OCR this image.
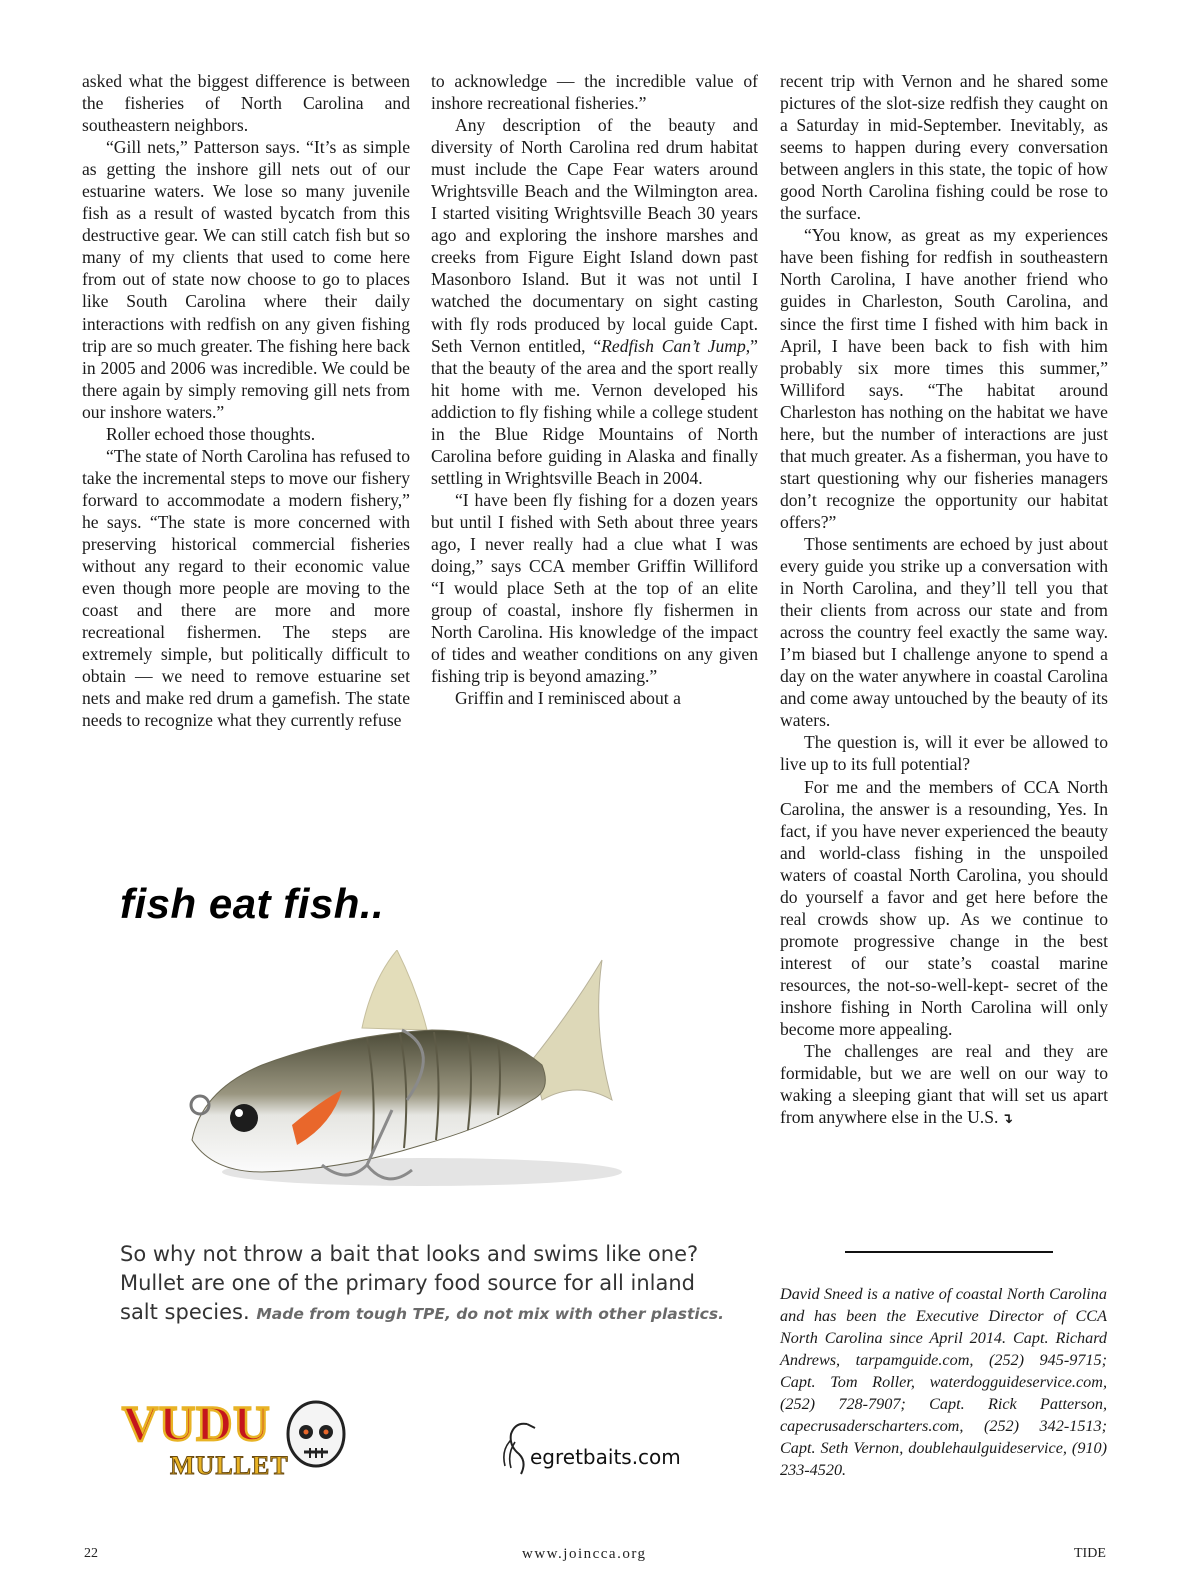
asked what the biggest difference is between the fisheries of North Carolina and southeastern neighbors.

“Gill nets,” Patterson says. “It’s as simple as getting the inshore gill nets out of our estuarine waters. We lose so many juvenile fish as a result of wasted bycatch from this destructive gear. We can still catch fish but so many of my clients that used to come here from out of state now choose to go to places like South Carolina where their daily interactions with redfish on any given fishing trip are so much greater. The fishing here back in 2005 and 2006 was incredible. We could be there again by simply removing gill nets from our inshore waters.”

Roller echoed those thoughts.

“The state of North Carolina has refused to take the incremental steps to move our fishery forward to accommodate a modern fishery,” he says. “The state is more concerned with preserving historical commercial fisheries without any regard to their economic value even though more people are moving to the coast and there are more and more recreational fishermen. The steps are extremely simple, but politically difficult to obtain — we need to remove estuarine set nets and make red drum a gamefish. The state needs to recognize what they currently refuse

to acknowledge — the incredible value of inshore recreational fisheries.”

Any description of the beauty and diversity of North Carolina red drum habitat must include the Cape Fear waters around Wrightsville Beach and the Wilmington area. I started visiting Wrightsville Beach 30 years ago and exploring the inshore marshes and creeks from Figure Eight Island down past Masonboro Island. But it was not until I watched the documentary on sight casting with fly rods produced by local guide Capt. Seth Vernon entitled, “Redfish Can’t Jump,” that the beauty of the area and the sport really hit home with me. Vernon developed his addiction to fly fishing while a college student in the Blue Ridge Mountains of North Carolina before guiding in Alaska and finally settling in Wrightsville Beach in 2004.

“I have been fly fishing for a dozen years but until I fished with Seth about three years ago, I never really had a clue what I was doing,” says CCA member Griffin Williford “I would place Seth at the top of an elite group of coastal, inshore fly fishermen in North Carolina. His knowledge of the impact of tides and weather conditions on any given fishing trip is beyond amazing.”

Griffin and I reminisced about a

recent trip with Vernon and he shared some pictures of the slot-size redfish they caught on a Saturday in mid-September. Inevitably, as seems to happen during every conversation between anglers in this state, the topic of how good North Carolina fishing could be rose to the surface.

“You know, as great as my experiences have been fishing for redfish in southeastern North Carolina, I have another friend who guides in Charleston, South Carolina, and since the first time I fished with him back in April, I have been back to fish with him probably six more times this summer,” Williford says. “The habitat around Charleston has nothing on the habitat we have here, but the number of interactions are just that much greater. As a fisherman, you have to start questioning why our fisheries managers don’t recognize the opportunity our habitat offers?”

Those sentiments are echoed by just about every guide you strike up a conversation with in North Carolina, and they’ll tell you that their clients from across our state and from across the country feel exactly the same way. I’m biased but I challenge anyone to spend a day on the water anywhere in coastal Carolina and come away untouched by the beauty of its waters.

The question is, will it ever be allowed to live up to its full potential?

For me and the members of CCA North Carolina, the answer is a resounding, Yes. In fact, if you have never experienced the beauty and world-class fishing in the unspoiled waters of coastal North Carolina, you should do yourself a favor and get here before the real crowds show up. As we continue to promote progressive change in the best interest of our state’s coastal marine resources, the not-so-well-kept- secret of the inshore fishing in North Carolina will only become more appealing.

The challenges are real and they are formidable, but we are well on our way to waking a sleeping giant that will set us apart from anywhere else in the U.S. ↴

fish eat fish..
So why not throw a bait that looks and swims like one?
Mullet are one of the primary food source for all inland
salt species. Made from tough TPE, do not mix with other plastics.
VUDU
MULLET	egretbaits.com
David Sneed is a native of coastal North Carolina and has been the Executive Director of CCA North Carolina since April 2014. Capt. Richard Andrews, tarpamguide.com, (252) 945-9715; Capt. Tom Roller, waterdogguideservice.com, (252) 728-7907; Capt. Rick Patterson, capecrusaderscharters.com, (252) 342-1513; Capt. Seth Vernon, doublehaulguideservice, (910) 233-4520.
22	www.joincca.org	TIDE
